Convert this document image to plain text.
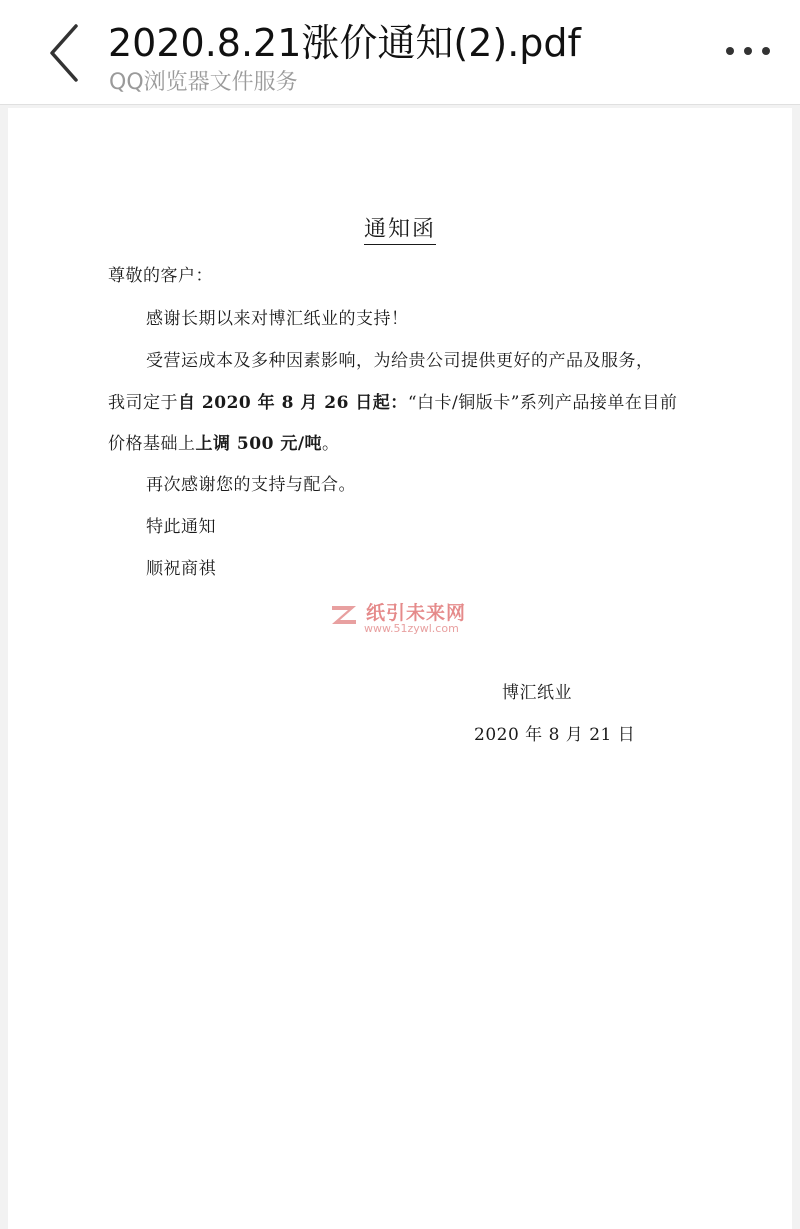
2020.8.21涨价通知(2).pdf
QQ浏览器文件服务
通知函
尊敬的客户：
感谢长期以来对博汇纸业的支持！
受营运成本及多种因素影响，为给贵公司提供更好的产品及服务，
我司定于自 2020 年 8 月 26 日起：“白卡/铜版卡”系列产品接单在目前
价格基础上上调 500 元/吨。
再次感谢您的支持与配合。
特此通知
顺祝商祺
纸引未来网
www.51zywl.com
博汇纸业
2020 年 8 月 21 日
